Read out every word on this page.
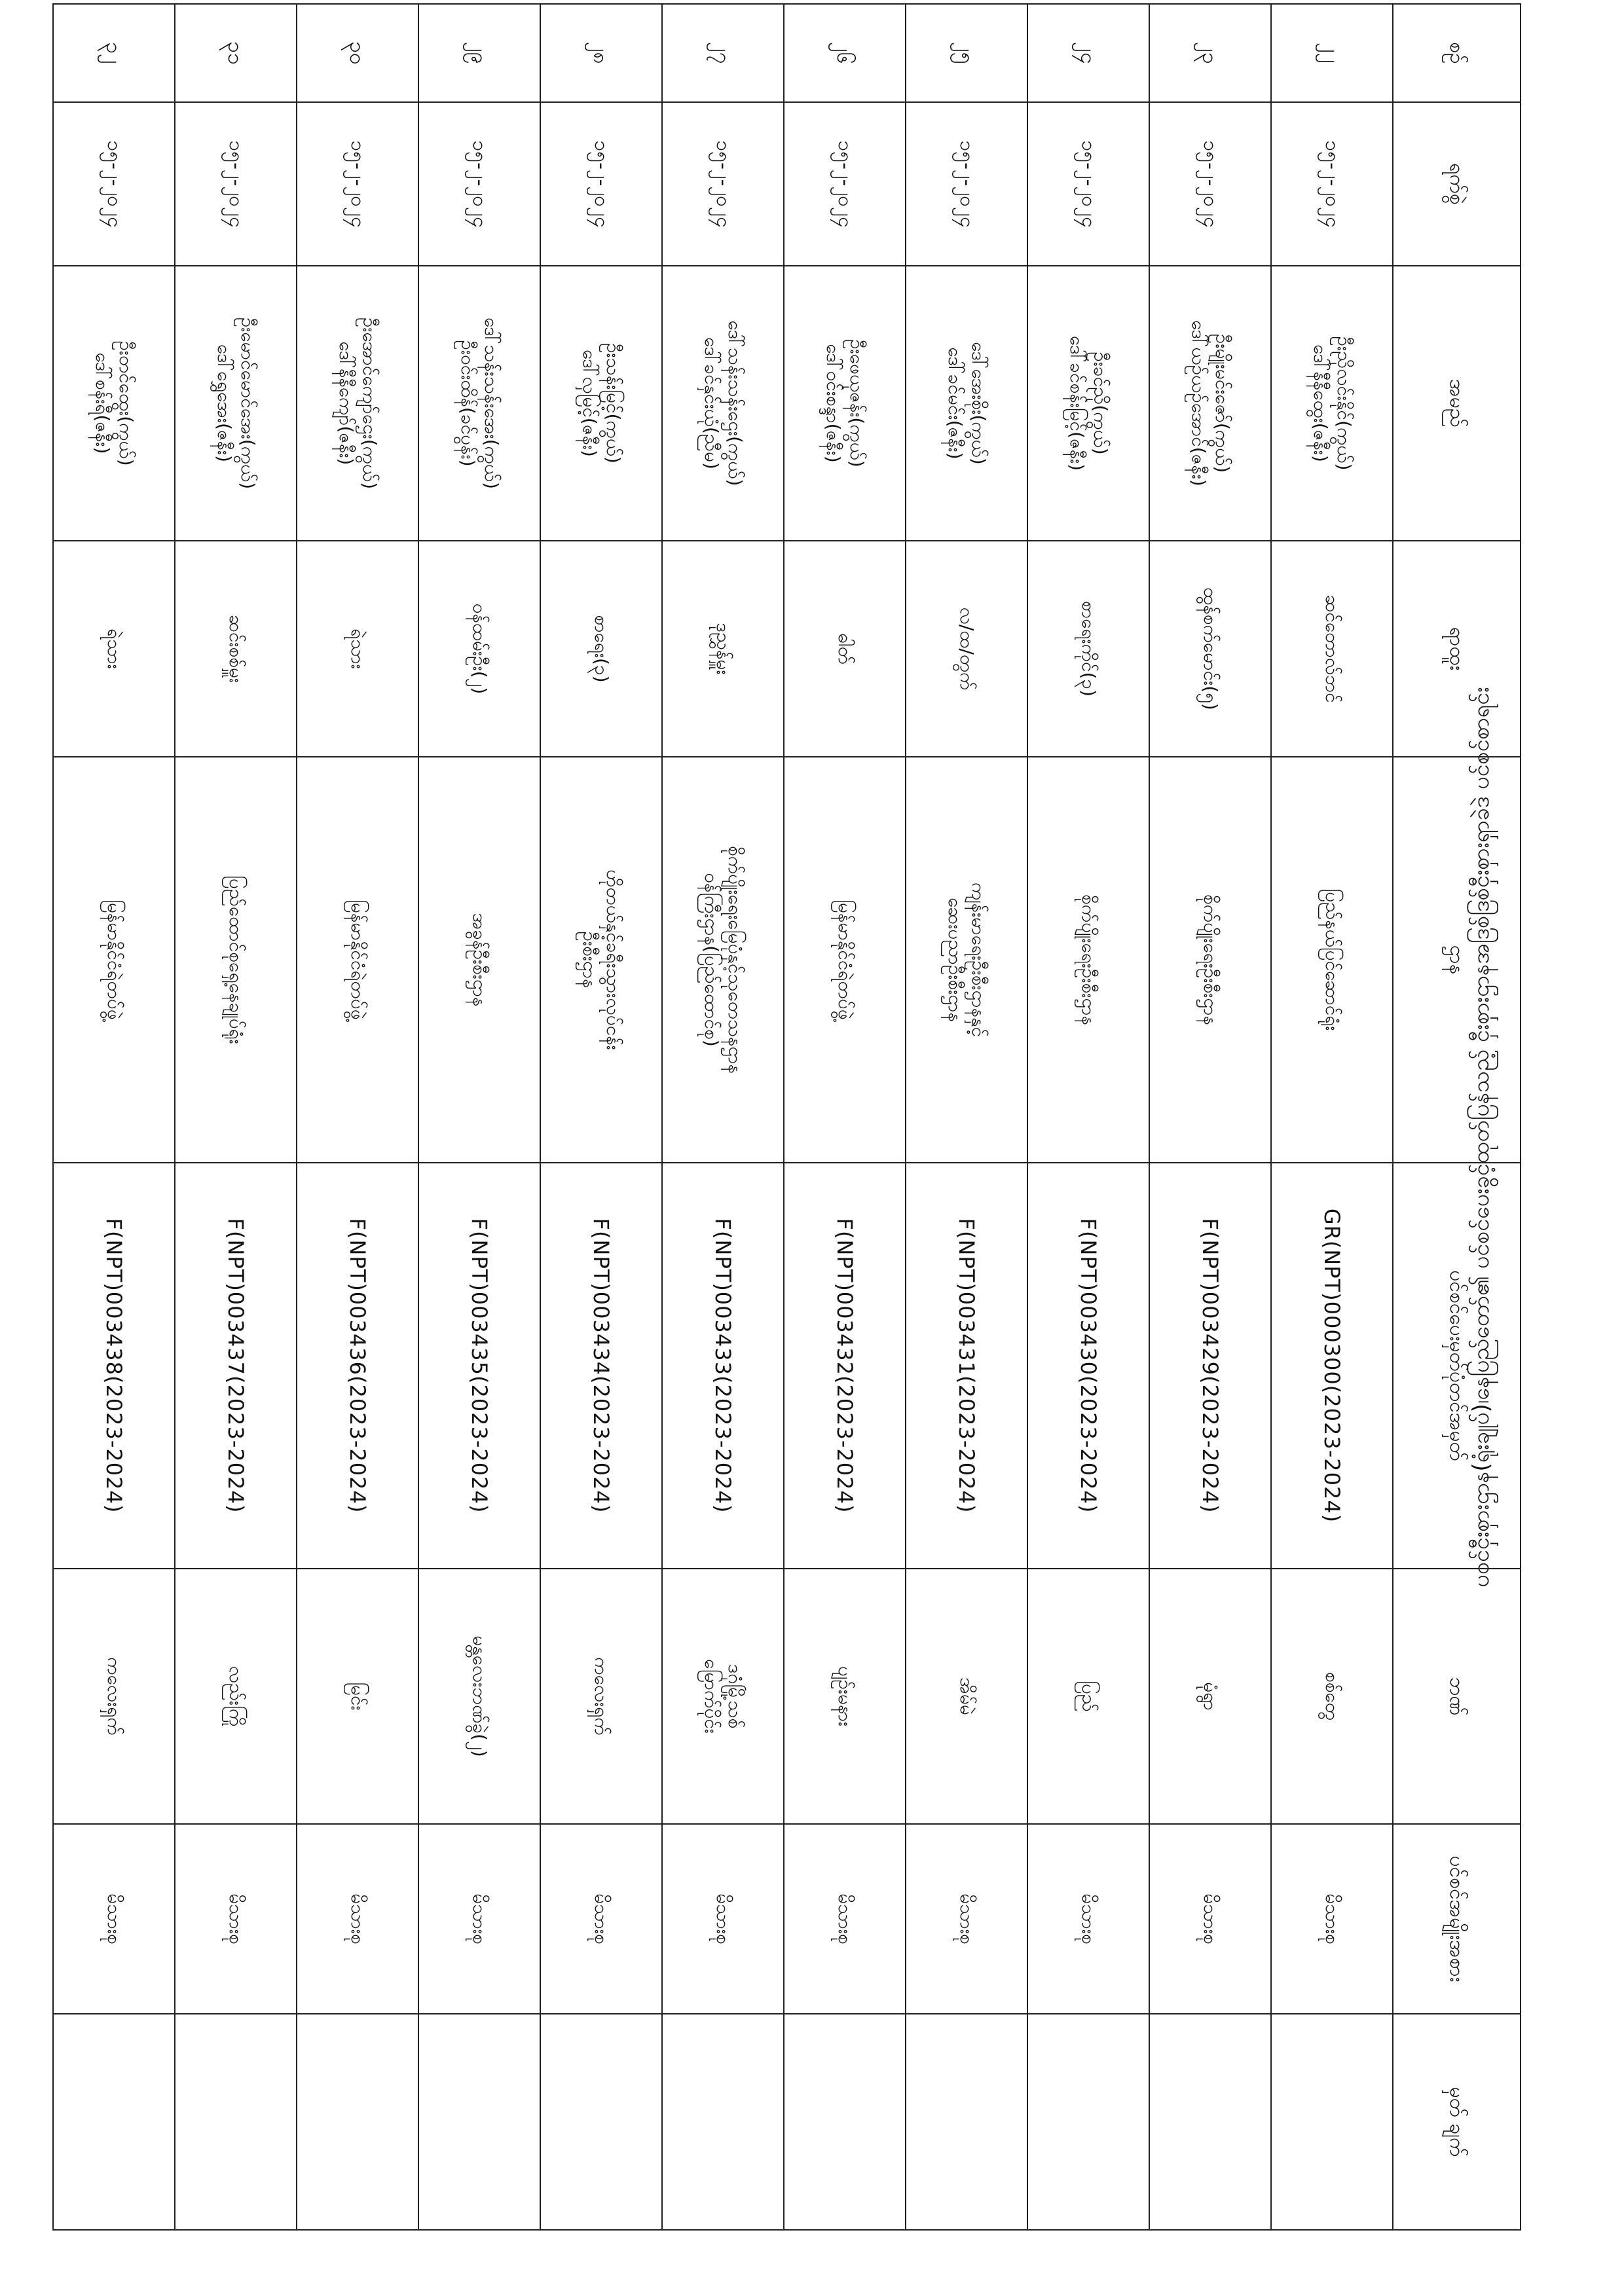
ပဝင်ငှီးစှားဌာန(ရုံးချုပ်)၊နေပြည်တော်၏ ပင်စင်ပေးခွင့်ထုတ်ပြန်သည့် ငှီးစှားဌာနအဒြစ်ဒြစ်ငှီးစှားရှာခဲဒဲ ပင်စင်စာရင်း
စဉ်	ရက်စွဲ	အမည်	ရာထူး	ဌာန	ပင်စင်ပေးမှတ်ပုံတင်အမှတ်	ဘဏ်	ပင်စင်အမျိုးအစား	မှတ် ချက်
၂၂	၁၅-၂-၂၀၂၄	ဦးညိုလင်းနိုင်(ကွယ်)
ဒေါ်နီနီထွေး(ဇနီး)	ဆင်တောလ်ဘင်	ပြည်နယ်ပြင်ဆောင်ရုံး	GR(NPT)000300(2023-2024)	စစ်တွေ	မိသားစု	
၂၃	၁၅-၂-၂၀၂၄	ဦးမျိုးမင်းဇော်(ကွယ်)
ဒေါ်ယဉ်ယဉ်အောင်(ဇနီး)	ထွန်စက်မောင်း(၅)	စိုက်ပျိုးရေးဦးစီးဌာန	F(NPT)003429(2023-2024)	မုံရွာ	မိသားစု	
၂၄	၁၅-၂-၂၀၂၄	ဦးခင်ညို(ကွယ်)
ဒေါ်ခင်စန်းမြင့်(ဇနီး)	စာရေးကိုင်(၃)	စိုက်ပျိုးရေးဦးစီးဌာန	F(NPT)003430(2023-2024)	ပြည်	မိသားစု	
၂၅	၁၅-၂-၂၀၂၄	ဒေါ်အေးစိုး(ကွယ်)
ဒေါ်ခင်မင်း(ဇနီး)	လ/ထ/တွက်	ကျန်းမာရေးဦးစီးဌာနနှင့်
ဆေးပညာဦးစီးဌာန	F(NPT)003431(2023-2024)	အိမ်မဲ	မိသားစု	
၂၆	၁၅-၂-၂၀၂၄	ဦးဖေယုဇန်း(ကွယ်)
ဒေါ်ဝင်းစန္ဒာ(ဇနီး)	ဓါတ်	မြန်မာနိုင်ငံရဲတပ်ဖွဲ့	F(NPT)003432(2023-2024)	ပျဉ်းမနား	မိသားစု	
၂၇	၁၅-၂-၂၀၂၄	ဒေါ်သန်းသန်းဌေး(ကွယ်)
ဒေါ်ခင်နှင်းယုံ(ညီမ)	ဒုညွှန်မှူး	စိုက်ပျိုးရေးမြေပုံနှင့်သုတေသနဌာန
ဝန်ကြီးဌာန(ပြည်ထောင်စု)	F(NPT)003433(2023-2024)	ဒဂုံမြို့သစ်
မြောက်ပိုင်း	မိသားစု	
၂၈	၁၅-၂-၂၀၂၄	ဦးသန်းမြင့်(ကွယ်)
ဒေါ်လှမြင့်(ဇနီး)	စာရေး(၃)	ဟိုတယ်နှင့်ခရီးသွားလုပ်ငန်း
ဦးစီးဌာန	F(NPT)003434(2023-2024)	ကလေးရှက်	မိသားစု	
၂၉	၁၅-၂-၂၀၂၄	ဒေါ်သန်းသန်းအေး(ကွယ်)
ဦးဝင်းထိန်(ခင်ပွန်း)	ဝန်ထမ်းဦး(၂)	အခွန်ဦးစီးဌာန	F(NPT)003435(2023-2024)	မန္တလေးဘဏ်ခွဲ(၂)	မိသားစု	
၃၀	၁၅-၂-၂၀၂၄	ဦးအောင်ကျော်ဌေး(ကွယ်)
ဒေါ်နီနီကျော်(ဇနီး)	ရဲသား	မြန်မာနိုင်ငံရဲတပ်ဖွဲ့	F(NPT)003436(2023-2024)	မြင်း	မိသားစု	
၃၁	၁၅-၂-၂၀၂၄	ဦးမောင်မောင်အေး(ကွယ်)
ဒေါ်ရွှေအေး(ဇနီး)	ဆင်းစစ်မှူး	ပြည်ထောင်စုရှေ့နေချုပ်ရုံး	F(NPT)003437(2023-2024)	လည်းကြို	မိသားစု	
၃၂	၁၅-၂-၂၀၂၄	ဦးတင်ထွေး(ကွယ်)
ဒေါ်စန်းရီ(ဇနီး)	ရဲသား	မြန်မာနိုင်ငံရဲတပ်ဖွဲ့	F(NPT)003438(2023-2024)	ကလေးရှက်	မိသားစု	
